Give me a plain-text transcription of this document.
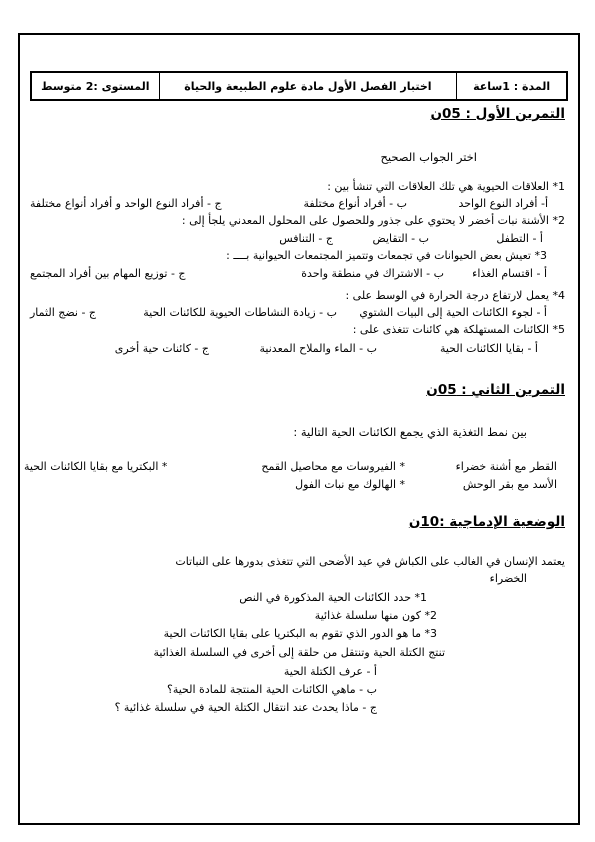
المدة : 1ساعة
اختبار الفصل الأول مادة علوم الطبيعة والحياة
المستوى :2 متوسط
التمرين الأول : 05ن
اختر الجواب الصحيح
1* العلاقات الحيوية هي تلك العلاقات التي تنشأ بين :
أ- أفراد النوع الواحد
ب - أفراد أنواع مختلفة
ج - أفراد النوع الواحد و أفراد أنواع مختلفة
2* الأشنة نبات أخضر لا يحتوي على جذور وللحصول على المحلول المعدني يلجأ إلى :
أ - التطفل
ب - التقايض
ج - التنافس
3* تعيش بعض الحيوانات في تجمعات وتتميز المجتمعات الحيوانية بــــ :
أ - اقتسام الغذاء
ب - الاشتراك في منطقة واحدة
ج - توزيع المهام بين أفراد المجتمع
4* يعمل لارتفاع درجة الحرارة في الوسط على :
أ - لجوء الكائنات الحية إلى البيات الشتوي
ب - زيادة النشاطات الحيوية للكائنات الحية
ج - نضج الثمار
5* الكائنات المستهلكة هي كائنات تتغذى على :
أ - بقايا الكائنات الحية
ب - الماء والملاح المعدنية
ج - كائنات حية أخرى
التمرين الثاني : 05ن
بين نمط التغذية الذي يجمع الكائنات الحية التالية :
القطر مع أشنة خضراء
* الفيروسات مع محاصيل القمح
* البكتريا مع بقايا الكائنات الحية
الأسد مع بقر الوحش
* الهالوك مع نبات الفول
الوضعية الإدماجية :10ن
يعتمد الإنسان في الغالب على الكباش في عيد الأضحى التي تتغذى بدورها على النباتات
الخضراء
1* حدد الكائنات الحية المذكورة في النص
2* كون منها سلسلة غذائية
3* ما هو الدور الذي تقوم به البكتريا على بقايا الكائنات الحية
تنتج الكتلة الحية وتنتقل من حلقة إلى أخرى في السلسلة الغذائية
أ - عرف الكتلة الحية
ب - ماهي الكائنات الحية المنتجة للمادة الحية؟
ج - ماذا يحدث عند انتقال الكتلة الحية في سلسلة غذائية ؟
